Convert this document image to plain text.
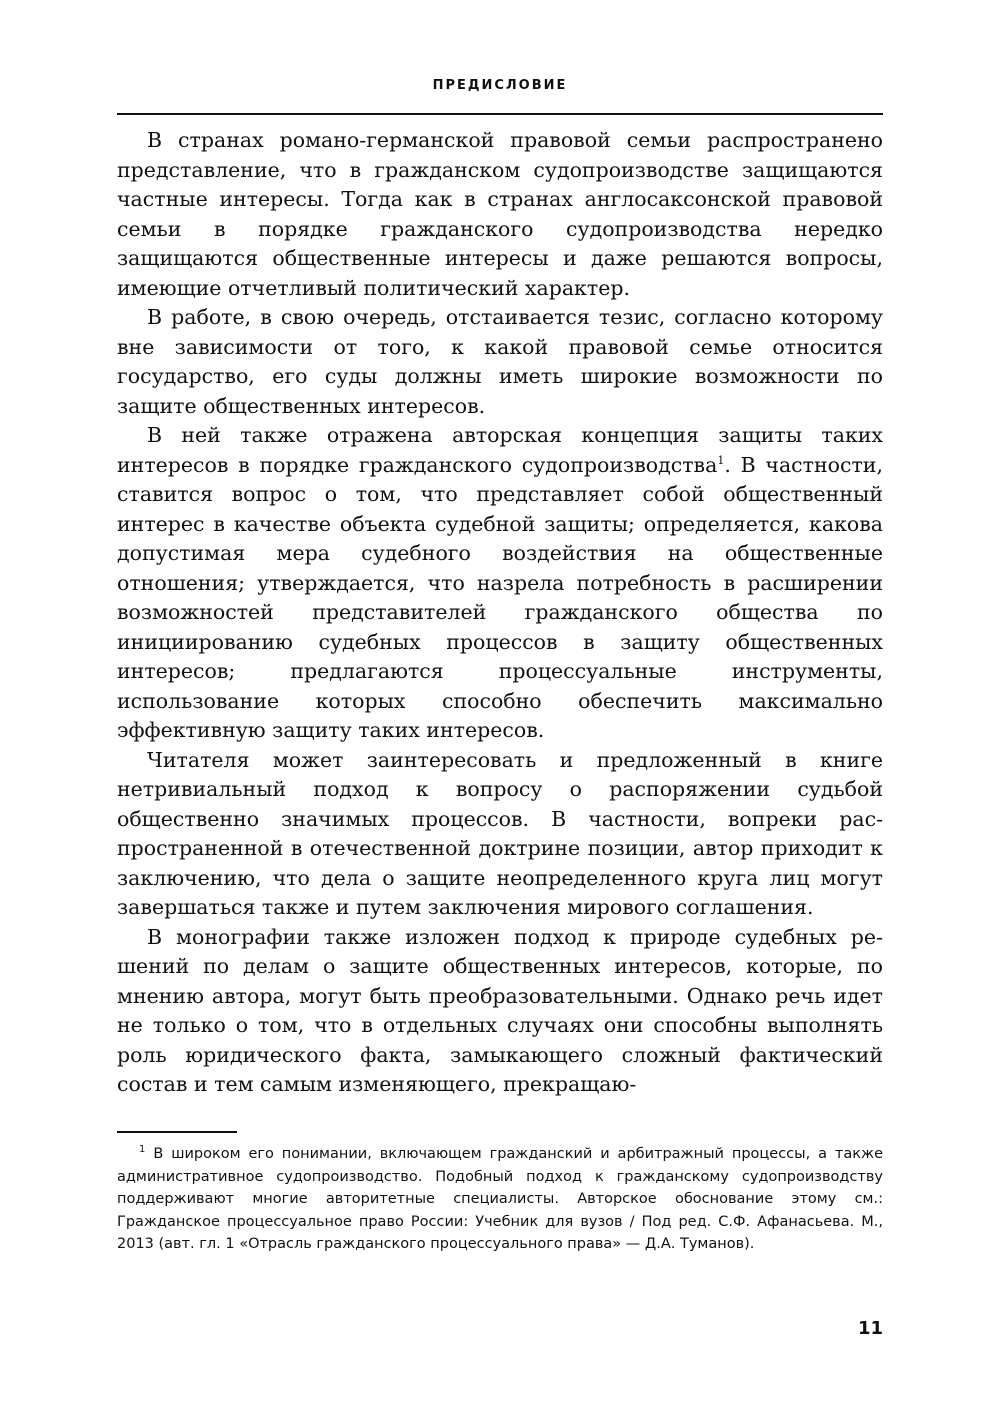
ПРЕДИСЛОВИЕ

В странах романо-германской правовой семьи распространено представление, что в гражданском судопроизводстве защищаются частные интересы. Тогда как в странах англосаксонской правовой семьи в порядке гражданского судопроизводства нередко защищаются общественные интересы и даже решаются вопросы, имеющие отчетливый политический характер.

В работе, в свою очередь, отстаивается тезис, согласно которому вне зависимости от того, к какой правовой семье относится государство, его суды должны иметь широкие возможности по защите общественных интересов.

В ней также отражена авторская концепция защиты таких интересов в порядке гражданского судопроизводства$^1$. В частности, ставится вопрос о том, что представляет собой общественный интерес в качестве объекта судебной защиты; определяется, какова допустимая мера судебного воздействия на общественные отношения; утверждается, что назрела потребность в расширении возможностей представителей гражданского общества по инициированию судебных процессов в защиту общественных интересов; предлагаются процессуальные инструменты, использование которых способно обеспечить максимально эффективную защиту таких интересов.

Читателя может заинтересовать и предложенный в книге нетривиальный подход к вопросу о распоряжении судьбой общественно значимых процессов. В частности, вопреки распространенной в отечественной доктрине позиции, автор приходит к заключению, что дела о защите неопределенного круга лиц могут завершаться также и путем заключения мирового соглашения.

В монографии также изложен подход к природе судебных решений по делам о защите общественных интересов, которые, по мнению автора, могут быть преобразовательными. Однако речь идет не только о том, что в отдельных случаях они способны выполнять роль юридического факта, замыкающего сложный фактический состав и тем самым изменяющего, прекращаю-

$^1$ В широком его понимании, включающем гражданский и арбитражный процессы, а также административное судопроизводство. Подобный подход к гражданскому судопроизводству поддерживают многие авторитетные специалисты. Авторское обоснование этому см.: Гражданское процессуальное право России: Учебник для вузов / Под ред. С.Ф. Афанасьева. М., 2013 (авт. гл. 1 «Отрасль гражданского процессуального права» — Д.А. Туманов).

11
